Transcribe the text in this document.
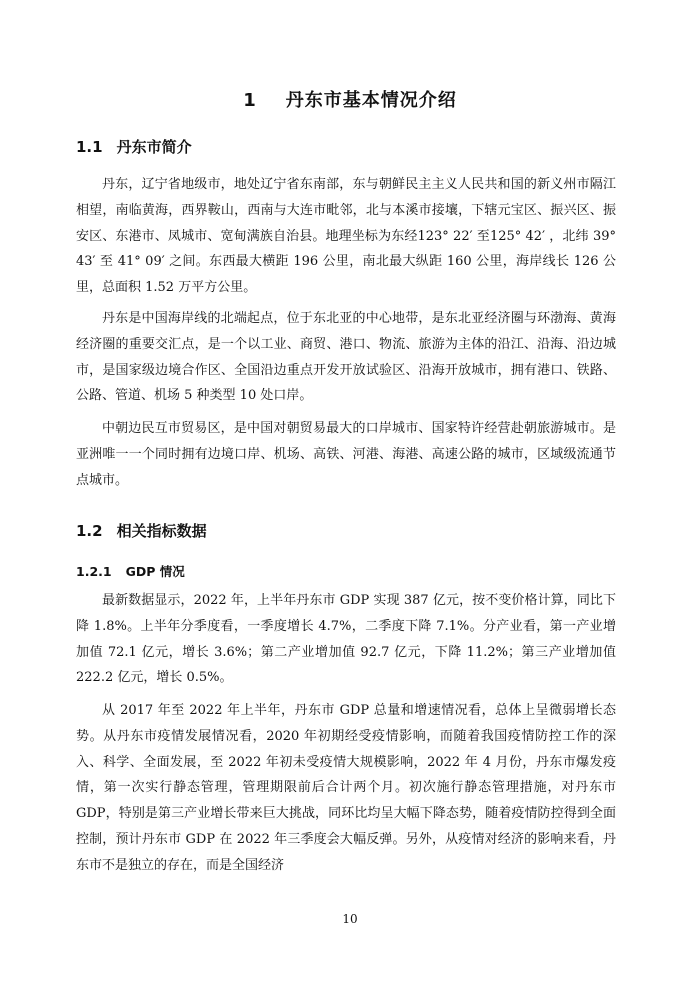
1 丹东市基本情况介绍
1.1 丹东市简介

丹东，辽宁省地级市，地处辽宁省东南部，东与朝鲜民主主义人民共和国的新义州市隔江相望，南临黄海，西界鞍山，西南与大连市毗邻，北与本溪市接壤，下辖元宝区、振兴区、振安区、东港市、凤城市、宽甸满族自治县。地理坐标为东经123° 22′ 至125° 42′ ，北纬 39° 43′ 至 41° 09′ 之间。东西最大横距 196 公里，南北最大纵距 160 公里，海岸线长 126 公里，总面积 1.52 万平方公里。

丹东是中国海岸线的北端起点，位于东北亚的中心地带，是东北亚经济圈与环渤海、黄海经济圈的重要交汇点，是一个以工业、商贸、港口、物流、旅游为主体的沿江、沿海、沿边城市，是国家级边境合作区、全国沿边重点开发开放试验区、沿海开放城市，拥有港口、铁路、公路、管道、机场 5 种类型 10 处口岸。

中朝边民互市贸易区，是中国对朝贸易最大的口岸城市、国家特许经营赴朝旅游城市。是亚洲唯一一个同时拥有边境口岸、机场、高铁、河港、海港、高速公路的城市，区域级流通节点城市。

1.2 相关指标数据
1.2.1 GDP 情况

最新数据显示，2022 年，上半年丹东市 GDP 实现 387 亿元，按不变价格计算，同比下降 1.8%。上半年分季度看，一季度增长 4.7%，二季度下降 7.1%。分产业看，第一产业增加值 72.1 亿元，增长 3.6%；第二产业增加值 92.7 亿元，下降 11.2%；第三产业增加值 222.2 亿元，增长 0.5%。

从 2017 年至 2022 年上半年，丹东市 GDP 总量和增速情况看，总体上呈微弱增长态势。从丹东市疫情发展情况看，2020 年初期经受疫情影响，而随着我国疫情防控工作的深入、科学、全面发展，至 2022 年初未受疫情大规模影响，2022 年 4 月份，丹东市爆发疫情，第一次实行静态管理，管理期限前后合计两个月。初次施行静态管理措施，对丹东市 GDP，特别是第三产业增长带来巨大挑战，同环比均呈大幅下降态势，随着疫情防控得到全面控制，预计丹东市 GDP 在 2022 年三季度会大幅反弹。另外，从疫情对经济的影响来看，丹东市不是独立的存在，而是全国经济

10
